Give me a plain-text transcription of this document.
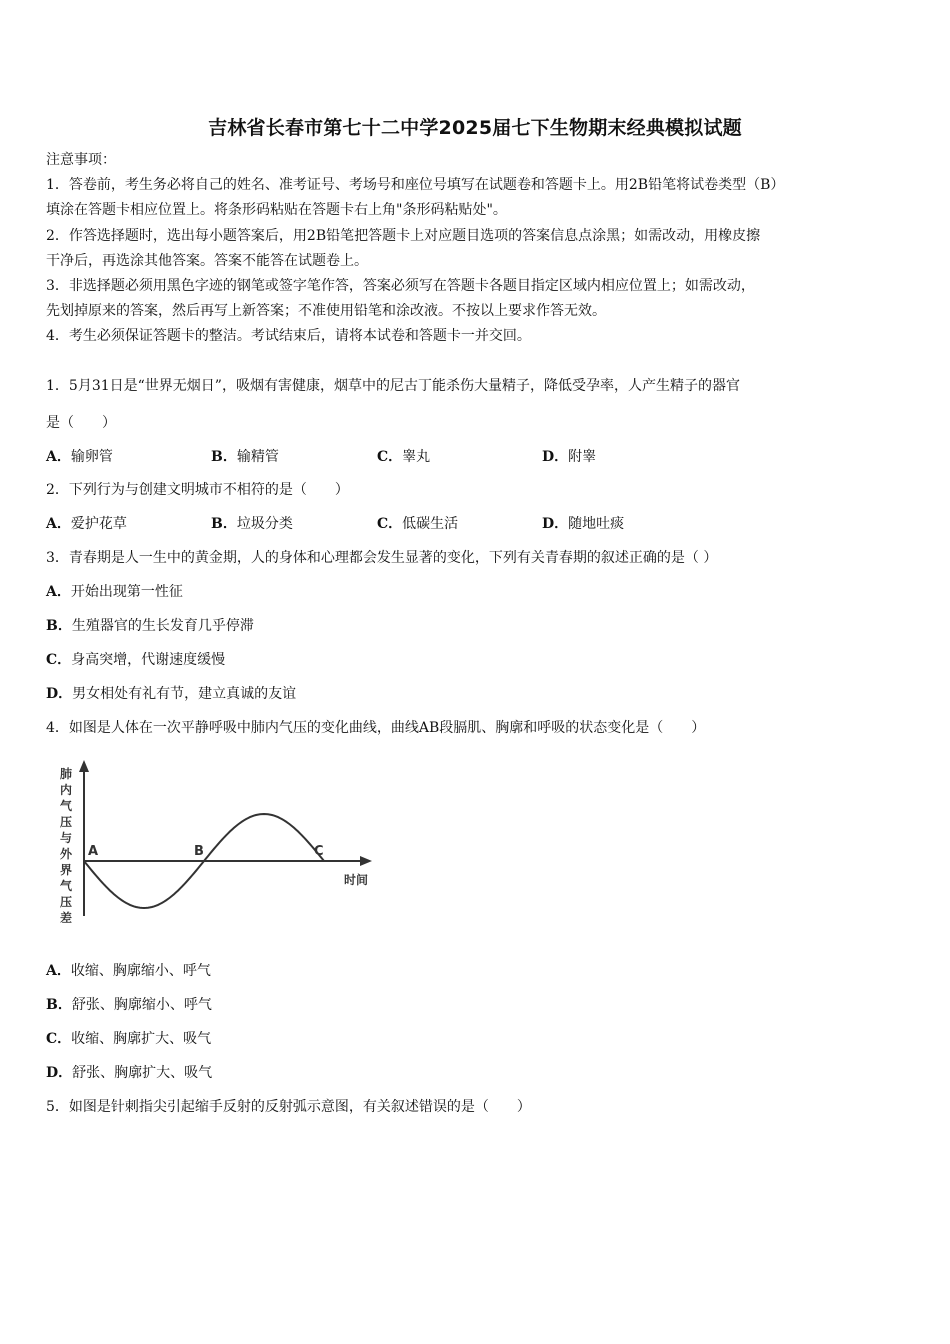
吉林省长春市第七十二中学2025届七下生物期末经典模拟试题
注意事项：
1．答卷前，考生务必将自己的姓名、准考证号、考场号和座位号填写在试题卷和答题卡上。用2B铅笔将试卷类型（B）
填涂在答题卡相应位置上。将条形码粘贴在答题卡右上角"条形码粘贴处"。
2．作答选择题时，选出每小题答案后，用2B铅笔把答题卡上对应题目选项的答案信息点涂黑；如需改动，用橡皮擦
干净后，再选涂其他答案。答案不能答在试题卷上。
3．非选择题必须用黑色字迹的钢笔或签字笔作答，答案必须写在答题卡各题目指定区域内相应位置上；如需改动，
先划掉原来的答案，然后再写上新答案；不准使用铅笔和涂改液。不按以上要求作答无效。
4．考生必须保证答题卡的整洁。考试结束后，请将本试卷和答题卡一并交回。
1．5月31日是“世界无烟日”，吸烟有害健康，烟草中的尼古丁能杀伤大量精子，降低受孕率，人产生精子的器官
是（　　）
A．输卵管	B．输精管	C．睾丸	D．附睾
2．下列行为与创建文明城市不相符的是（　　）
A．爱护花草	B．垃圾分类	C．低碳生活	D．随地吐痰
3．青春期是人一生中的黄金期，人的身体和心理都会发生显著的变化，下列有关青春期的叙述正确的是（ ）
A．开始出现第一性征
B．生殖器官的生长发育几乎停滞
C．身高突增，代谢速度缓慢
D．男女相处有礼有节，建立真诚的友谊
4．如图是人体在一次平静呼吸中肺内气压的变化曲线，曲线AB段膈肌、胸廓和呼吸的状态变化是（　　）
肺
内
气
压
与
外
界
气
压
差
时间
A	B	C
A．收缩、胸廓缩小、呼气
B．舒张、胸廓缩小、呼气
C．收缩、胸廓扩大、吸气
D．舒张、胸廓扩大、吸气
5．如图是针刺指尖引起缩手反射的反射弧示意图，有关叙述错误的是（　　）
